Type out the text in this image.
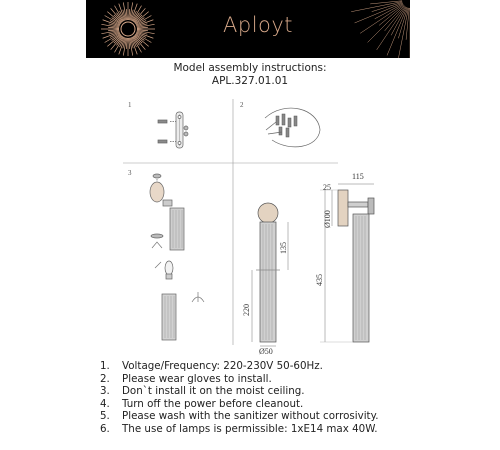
Aployt
Model assembly instructions:
APL.327.01.01
115
25
Ø100
435
135
220
Ø50
1	2
3
1. Voltage/Frequency: 220-230V 50-60Hz.
2. Please wear gloves to install.
3. Don`t install it on the moist ceiling.
4. Turn off the power before cleanout.
5. Please wash with the sanitizer without corrosivity.
6. The use of lamps is permissible: 1xE14 max 40W.
